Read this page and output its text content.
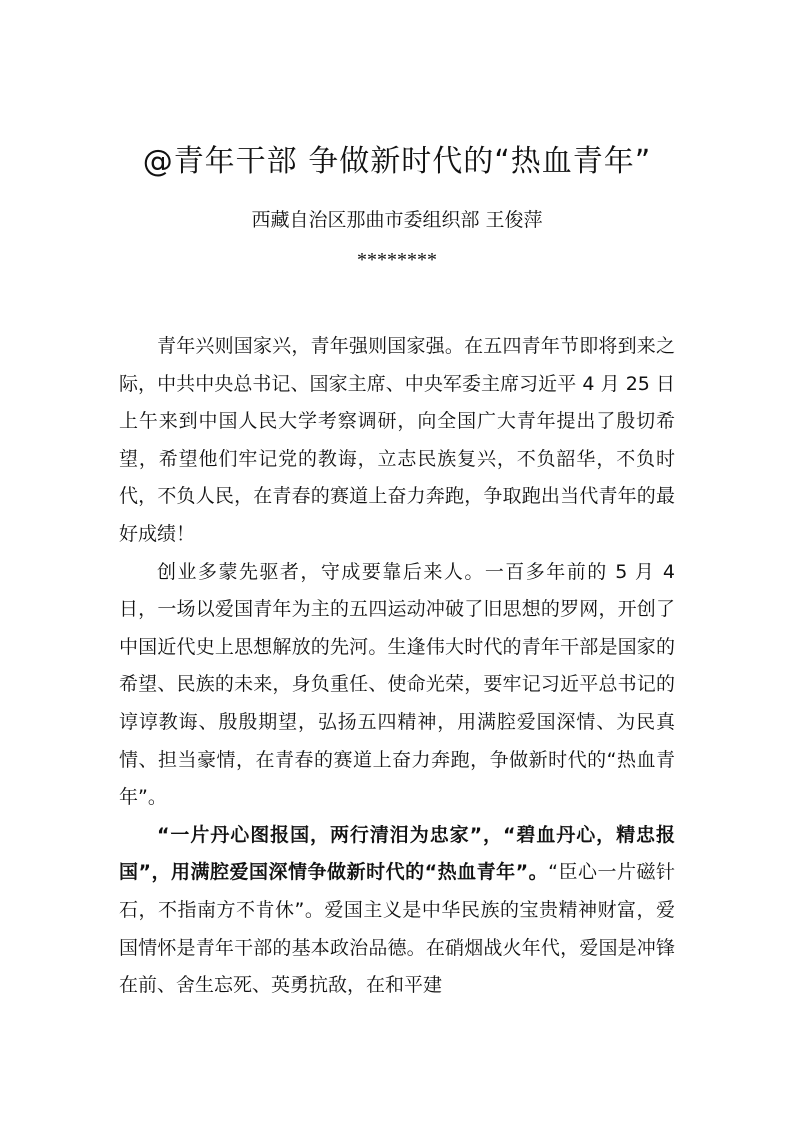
@青年干部 争做新时代的“热血青年”
西藏自治区那曲市委组织部 王俊萍
********

青年兴则国家兴，青年强则国家强。在五四青年节即将到来之际，中共中央总书记、国家主席、中央军委主席习近平 4 月 25 日上午来到中国人民大学考察调研，向全国广大青年提出了殷切希望，希望他们牢记党的教诲，立志民族复兴，不负韶华，不负时代，不负人民，在青春的赛道上奋力奔跑，争取跑出当代青年的最好成绩！

创业多蒙先驱者，守成要靠后来人。一百多年前的 5 月 4 日，一场以爱国青年为主的五四运动冲破了旧思想的罗网，开创了中国近代史上思想解放的先河。生逢伟大时代的青年干部是国家的希望、民族的未来，身负重任、使命光荣，要牢记习近平总书记的谆谆教诲、殷殷期望，弘扬五四精神，用满腔爱国深情、为民真情、担当豪情，在青春的赛道上奋力奔跑，争做新时代的“热血青年”。

“一片丹心图报国，两行清泪为忠家”，“碧血丹心，精忠报国”，用满腔爱国深情争做新时代的“热血青年”。“臣心一片磁针石，不指南方不肯休”。爱国主义是中华民族的宝贵精神财富，爱国情怀是青年干部的基本政治品德。在硝烟战火年代，爱国是冲锋在前、舍生忘死、英勇抗敌，在和平建
